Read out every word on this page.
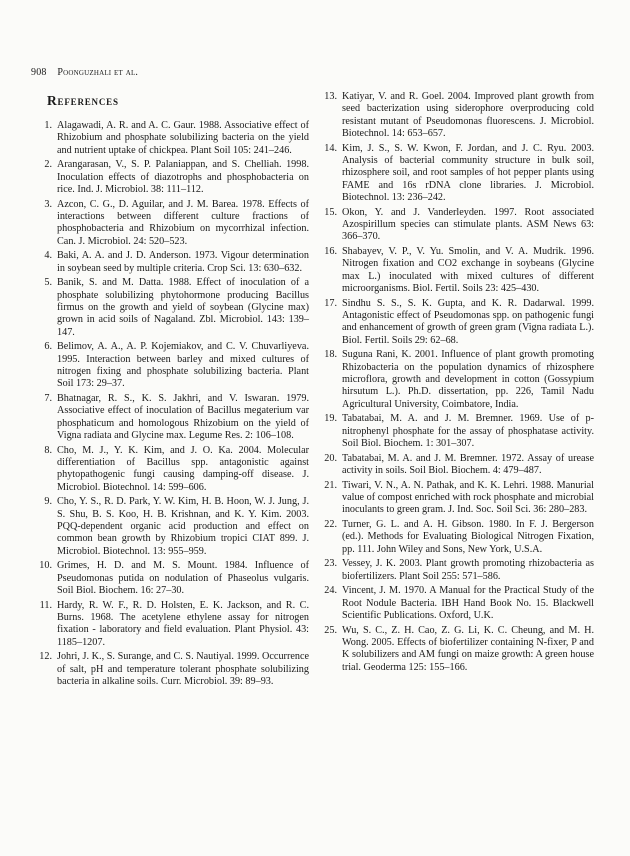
908 Poonguzhali et al.
References
1. Alagawadi, A. R. and A. C. Gaur. 1988. Associative effect of Rhizobium and phosphate solubilizing bacteria on the yield and nutrient uptake of chickpea. Plant Soil 105: 241–246.
2. Arangarasan, V., S. P. Palaniappan, and S. Chelliah. 1998. Inoculation effects of diazotrophs and phosphobacteria on rice. Ind. J. Microbiol. 38: 111–112.
3. Azcon, C. G., D. Aguilar, and J. M. Barea. 1978. Effects of interactions between different culture fractions of phosphobacteria and Rhizobium on mycorrhizal infection. Can. J. Microbiol. 24: 520–523.
4. Baki, A. A. and J. D. Anderson. 1973. Vigour determination in soybean seed by multiple criteria. Crop Sci. 13: 630–632.
5. Banik, S. and M. Datta. 1988. Effect of inoculation of a phosphate solubilizing phytohormone producing Bacillus firmus on the growth and yield of soybean (Glycine max) grown in acid soils of Nagaland. Zbl. Microbiol. 143: 139–147.
6. Belimov, A. A., A. P. Kojemiakov, and C. V. Chuvarliyeva. 1995. Interaction between barley and mixed cultures of nitrogen fixing and phosphate solubilizing bacteria. Plant Soil 173: 29–37.
7. Bhatnagar, R. S., K. S. Jakhri, and V. Iswaran. 1979. Associative effect of inoculation of Bacillus megaterium var phosphaticum and homologous Rhizobium on the yield of Vigna radiata and Glycine max. Legume Res. 2: 106–108.
8. Cho, M. J., Y. K. Kim, and J. O. Ka. 2004. Molecular differentiation of Bacillus spp. antagonistic against phytopathogenic fungi causing damping-off disease. J. Microbiol. Biotechnol. 14: 599–606.
9. Cho, Y. S., R. D. Park, Y. W. Kim, H. B. Hoon, W. J. Jung, J. S. Shu, B. S. Koo, H. B. Krishnan, and K. Y. Kim. 2003. PQQ-dependent organic acid production and effect on common bean growth by Rhizobium tropici CIAT 899. J. Microbiol. Biotechnol. 13: 955–959.
10. Grimes, H. D. and M. S. Mount. 1984. Influence of Pseudomonas putida on nodulation of Phaseolus vulgaris. Soil Biol. Biochem. 16: 27–30.
11. Hardy, R. W. F., R. D. Holsten, E. K. Jackson, and R. C. Burns. 1968. The acetylene ethylene assay for nitrogen fixation - laboratory and field evaluation. Plant Physiol. 43: 1185–1207.
12. Johri, J. K., S. Surange, and C. S. Nautiyal. 1999. Occurrence of salt, pH and temperature tolerant phosphate solubilizing bacteria in alkaline soils. Curr. Microbiol. 39: 89–93.
13. Katiyar, V. and R. Goel. 2004. Improved plant growth from seed bacterization using siderophore overproducing cold resistant mutant of Pseudomonas fluorescens. J. Microbiol. Biotechnol. 14: 653–657.
14. Kim, J. S., S. W. Kwon, F. Jordan, and J. C. Ryu. 2003. Analysis of bacterial community structure in bulk soil, rhizosphere soil, and root samples of hot pepper plants using FAME and 16s rDNA clone libraries. J. Microbiol. Biotechnol. 13: 236–242.
15. Okon, Y. and J. Vanderleyden. 1997. Root associated Azospirillum species can stimulate plants. ASM News 63: 366–370.
16. Shabayev, V. P., V. Yu. Smolin, and V. A. Mudrik. 1996. Nitrogen fixation and CO2 exchange in soybeans (Glycine max L.) inoculated with mixed cultures of different microorganisms. Biol. Fertil. Soils 23: 425–430.
17. Sindhu S. S., S. K. Gupta, and K. R. Dadarwal. 1999. Antagonistic effect of Pseudomonas spp. on pathogenic fungi and enhancement of growth of green gram (Vigna radiata L.). Biol. Fertil. Soils 29: 62–68.
18. Suguna Rani, K. 2001. Influence of plant growth promoting Rhizobacteria on the population dynamics of rhizosphere microflora, growth and development in cotton (Gossypium hirsutum L.). Ph.D. dissertation, pp. 226, Tamil Nadu Agricultural University, Coimbatore, India.
19. Tabatabai, M. A. and J. M. Bremner. 1969. Use of p-nitrophenyl phosphate for the assay of phosphatase activity. Soil Biol. Biochem. 1: 301–307.
20. Tabatabai, M. A. and J. M. Bremner. 1972. Assay of urease activity in soils. Soil Biol. Biochem. 4: 479–487.
21. Tiwari, V. N., A. N. Pathak, and K. K. Lehri. 1988. Manurial value of compost enriched with rock phosphate and microbial inoculants to green gram. J. Ind. Soc. Soil Sci. 36: 280–283.
22. Turner, G. L. and A. H. Gibson. 1980. In F. J. Bergerson (ed.). Methods for Evaluating Biological Nitrogen Fixation, pp. 111. John Wiley and Sons, New York, U.S.A.
23. Vessey, J. K. 2003. Plant growth promoting rhizobacteria as biofertilizers. Plant Soil 255: 571–586.
24. Vincent, J. M. 1970. A Manual for the Practical Study of the Root Nodule Bacteria. IBH Hand Book No. 15. Blackwell Scientific Publications. Oxford, U.K.
25. Wu, S. C., Z. H. Cao, Z. G. Li, K. C. Cheung, and M. H. Wong. 2005. Effects of biofertilizer containing N-fixer, P and K solubilizers and AM fungi on maize growth: A green house trial. Geoderma 125: 155–166.
